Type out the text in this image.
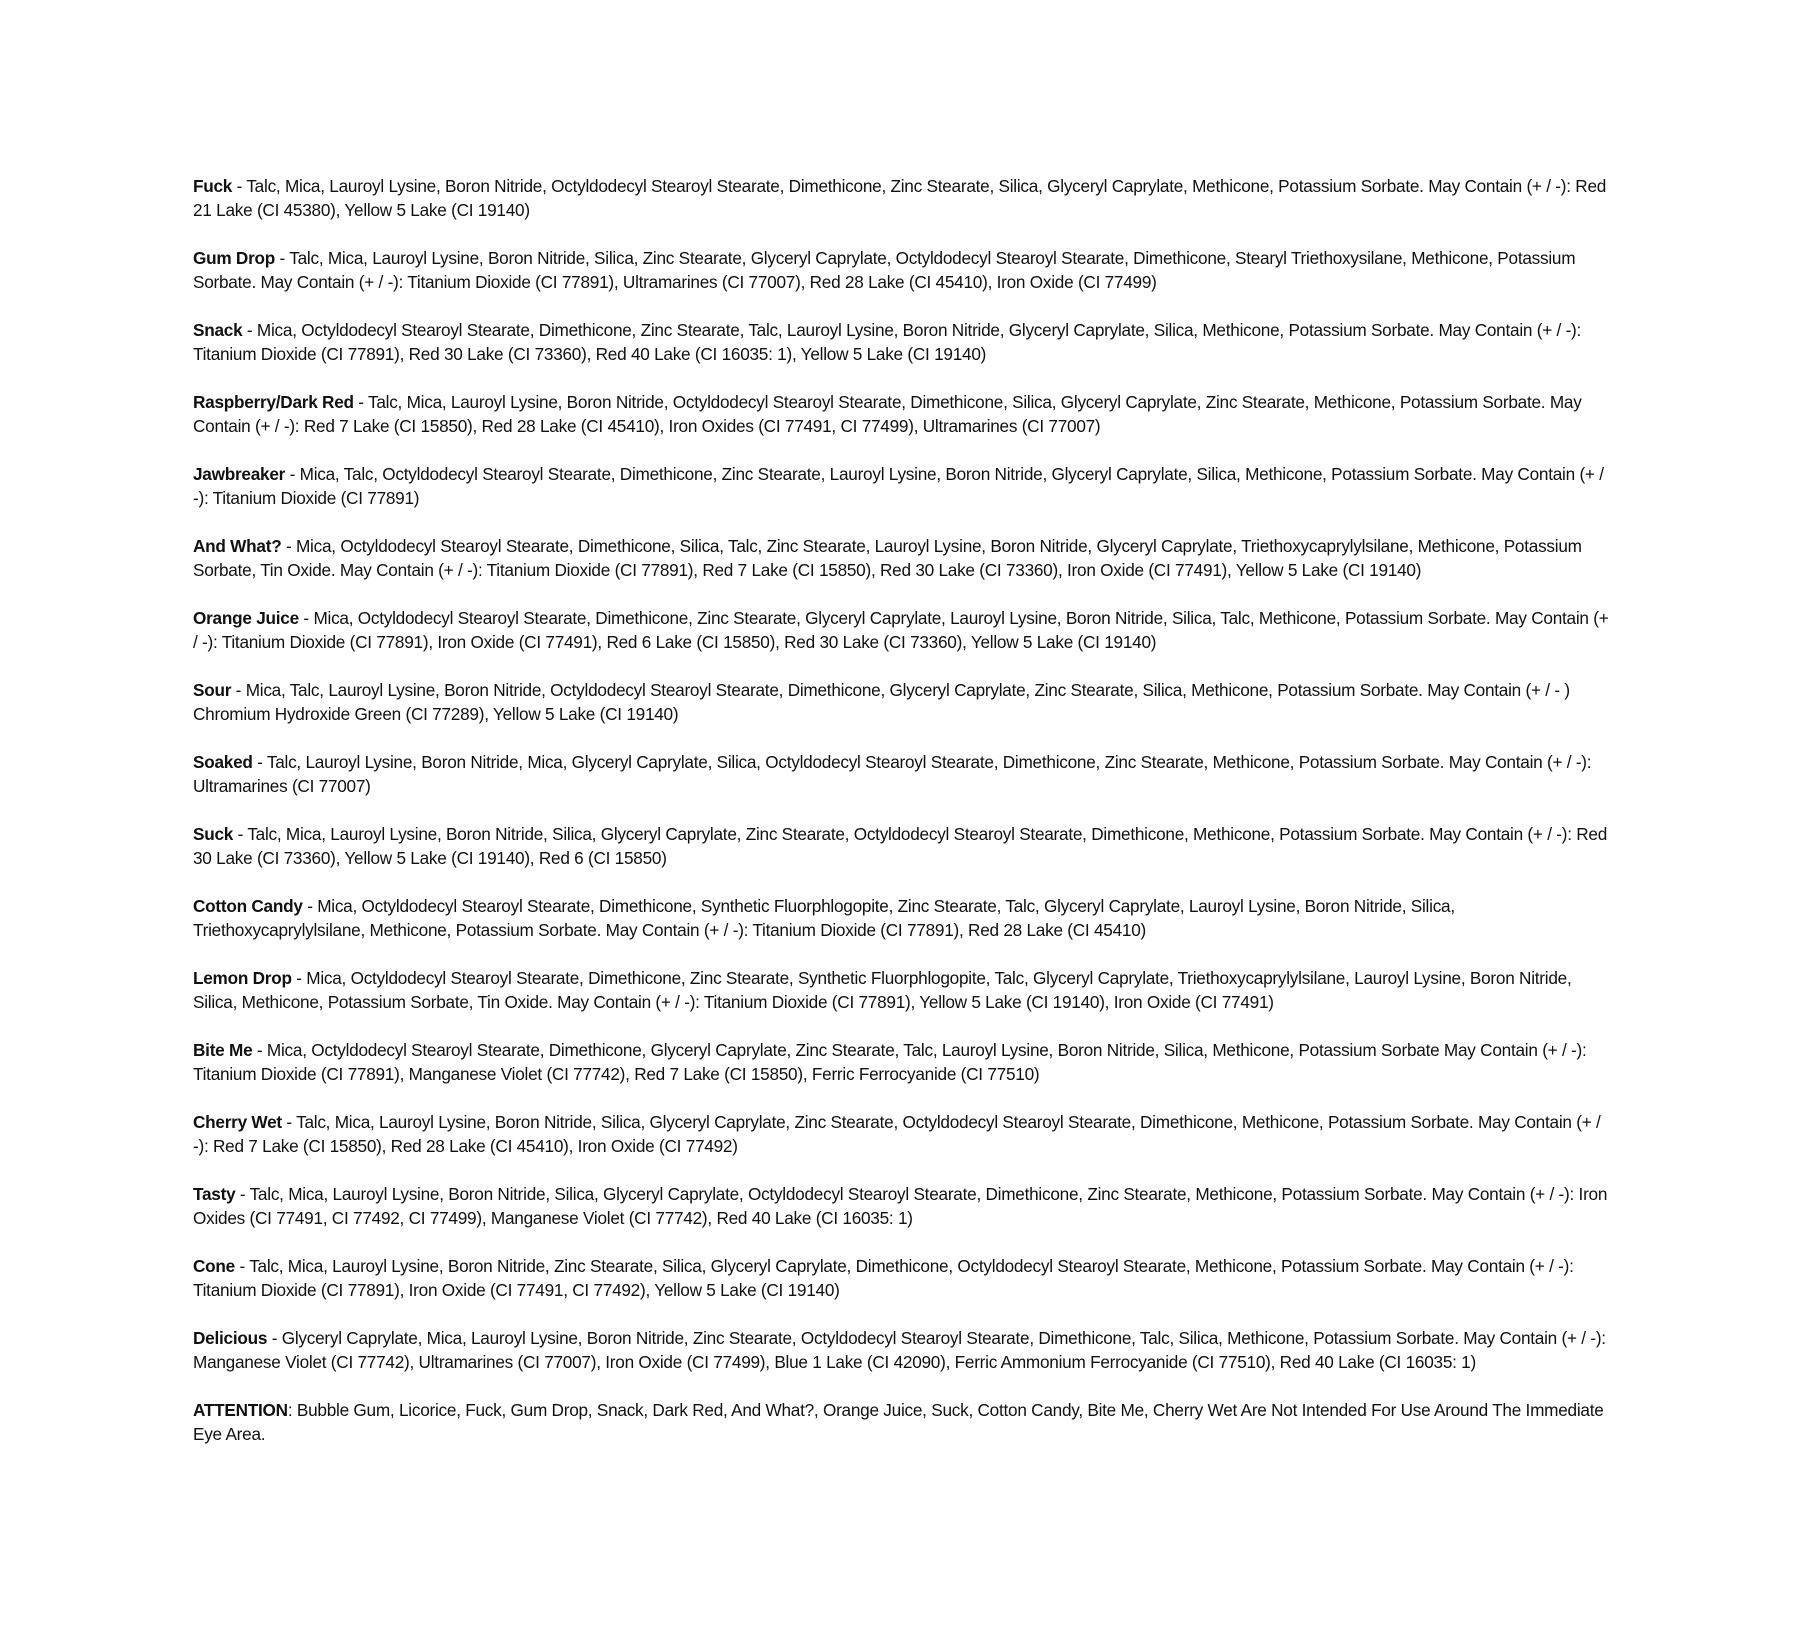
Fuck - Talc, Mica, Lauroyl Lysine, Boron Nitride, Octyldodecyl Stearoyl Stearate, Dimethicone, Zinc Stearate, Silica, Glyceryl Caprylate, Methicone, Potassium Sorbate. May Contain (+ / -): Red 21 Lake (CI 45380), Yellow 5 Lake (CI 19140)

Gum Drop - Talc, Mica, Lauroyl Lysine, Boron Nitride, Silica, Zinc Stearate, Glyceryl Caprylate, Octyldodecyl Stearoyl Stearate, Dimethicone, Stearyl Triethoxysilane, Methicone, Potassium Sorbate. May Contain (+ / -): Titanium Dioxide (CI 77891), Ultramarines (CI 77007), Red 28 Lake (CI 45410), Iron Oxide (CI 77499)

Snack - Mica, Octyldodecyl Stearoyl Stearate, Dimethicone, Zinc Stearate, Talc, Lauroyl Lysine, Boron Nitride, Glyceryl Caprylate, Silica, Methicone, Potassium Sorbate. May Contain (+ / -): Titanium Dioxide (CI 77891), Red 30 Lake (CI 73360), Red 40 Lake (CI 16035: 1), Yellow 5 Lake (CI 19140)

Raspberry/Dark Red - Talc, Mica, Lauroyl Lysine, Boron Nitride, Octyldodecyl Stearoyl Stearate, Dimethicone, Silica, Glyceryl Caprylate, Zinc Stearate, Methicone, Potassium Sorbate. May Contain (+ / -): Red 7 Lake (CI 15850), Red 28 Lake (CI 45410), Iron Oxides (CI 77491, CI 77499), Ultramarines (CI 77007)

Jawbreaker - Mica, Talc, Octyldodecyl Stearoyl Stearate, Dimethicone, Zinc Stearate, Lauroyl Lysine, Boron Nitride, Glyceryl Caprylate, Silica, Methicone, Potassium Sorbate. May Contain (+ / -): Titanium Dioxide (CI 77891)

And What? - Mica, Octyldodecyl Stearoyl Stearate, Dimethicone, Silica, Talc, Zinc Stearate, Lauroyl Lysine, Boron Nitride, Glyceryl Caprylate, Triethoxycaprylylsilane, Methicone, Potassium Sorbate, Tin Oxide. May Contain (+ / -): Titanium Dioxide (CI 77891), Red 7 Lake (CI 15850), Red 30 Lake (CI 73360), Iron Oxide (CI 77491), Yellow 5 Lake (CI 19140)

Orange Juice - Mica, Octyldodecyl Stearoyl Stearate, Dimethicone, Zinc Stearate, Glyceryl Caprylate, Lauroyl Lysine, Boron Nitride, Silica, Talc, Methicone, Potassium Sorbate. May Contain (+ / -): Titanium Dioxide (CI 77891), Iron Oxide (CI 77491), Red 6 Lake (CI 15850), Red 30 Lake (CI 73360), Yellow 5 Lake (CI 19140)

Sour - Mica, Talc, Lauroyl Lysine, Boron Nitride, Octyldodecyl Stearoyl Stearate, Dimethicone, Glyceryl Caprylate, Zinc Stearate, Silica, Methicone, Potassium Sorbate. May Contain (+ / - ) Chromium Hydroxide Green (CI 77289), Yellow 5 Lake (CI 19140)

Soaked - Talc, Lauroyl Lysine, Boron Nitride, Mica, Glyceryl Caprylate, Silica, Octyldodecyl Stearoyl Stearate, Dimethicone, Zinc Stearate, Methicone, Potassium Sorbate. May Contain (+ / -): Ultramarines (CI 77007)

Suck - Talc, Mica, Lauroyl Lysine, Boron Nitride, Silica, Glyceryl Caprylate, Zinc Stearate, Octyldodecyl Stearoyl Stearate, Dimethicone, Methicone, Potassium Sorbate. May Contain (+ / -): Red 30 Lake (CI 73360), Yellow 5 Lake (CI 19140), Red 6 (CI 15850)

Cotton Candy - Mica, Octyldodecyl Stearoyl Stearate, Dimethicone, Synthetic Fluorphlogopite, Zinc Stearate, Talc, Glyceryl Caprylate, Lauroyl Lysine, Boron Nitride, Silica, Triethoxycaprylylsilane, Methicone, Potassium Sorbate. May Contain (+ / -): Titanium Dioxide (CI 77891), Red 28 Lake (CI 45410)

Lemon Drop - Mica, Octyldodecyl Stearoyl Stearate, Dimethicone, Zinc Stearate, Synthetic Fluorphlogopite, Talc, Glyceryl Caprylate, Triethoxycaprylylsilane, Lauroyl Lysine, Boron Nitride, Silica, Methicone, Potassium Sorbate, Tin Oxide. May Contain (+ / -): Titanium Dioxide (CI 77891), Yellow 5 Lake (CI 19140), Iron Oxide (CI 77491)

Bite Me - Mica, Octyldodecyl Stearoyl Stearate, Dimethicone, Glyceryl Caprylate, Zinc Stearate, Talc, Lauroyl Lysine, Boron Nitride, Silica, Methicone, Potassium Sorbate May Contain (+ / -): Titanium Dioxide (CI 77891), Manganese Violet (CI 77742), Red 7 Lake (CI 15850), Ferric Ferrocyanide (CI 77510)

Cherry Wet - Talc, Mica, Lauroyl Lysine, Boron Nitride, Silica, Glyceryl Caprylate, Zinc Stearate, Octyldodecyl Stearoyl Stearate, Dimethicone, Methicone, Potassium Sorbate. May Contain (+ / -): Red 7 Lake (CI 15850), Red 28 Lake (CI 45410), Iron Oxide (CI 77492)

Tasty - Talc, Mica, Lauroyl Lysine, Boron Nitride, Silica, Glyceryl Caprylate, Octyldodecyl Stearoyl Stearate, Dimethicone, Zinc Stearate, Methicone, Potassium Sorbate. May Contain (+ / -): Iron Oxides (CI 77491, CI 77492, CI 77499), Manganese Violet (CI 77742), Red 40 Lake (CI 16035: 1)

Cone - Talc, Mica, Lauroyl Lysine, Boron Nitride, Zinc Stearate, Silica, Glyceryl Caprylate, Dimethicone, Octyldodecyl Stearoyl Stearate, Methicone, Potassium Sorbate. May Contain (+ / -): Titanium Dioxide (CI 77891), Iron Oxide (CI 77491, CI 77492), Yellow 5 Lake (CI 19140)

Delicious - Glyceryl Caprylate, Mica, Lauroyl Lysine, Boron Nitride, Zinc Stearate, Octyldodecyl Stearoyl Stearate, Dimethicone, Talc, Silica, Methicone, Potassium Sorbate. May Contain (+ / -): Manganese Violet (CI 77742), Ultramarines (CI 77007), Iron Oxide (CI 77499), Blue 1 Lake (CI 42090), Ferric Ammonium Ferrocyanide (CI 77510), Red 40 Lake (CI 16035: 1)

ATTENTION: Bubble Gum, Licorice, Fuck, Gum Drop, Snack, Dark Red, And What?, Orange Juice, Suck, Cotton Candy, Bite Me, Cherry Wet Are Not Intended For Use Around The Immediate Eye Area.
